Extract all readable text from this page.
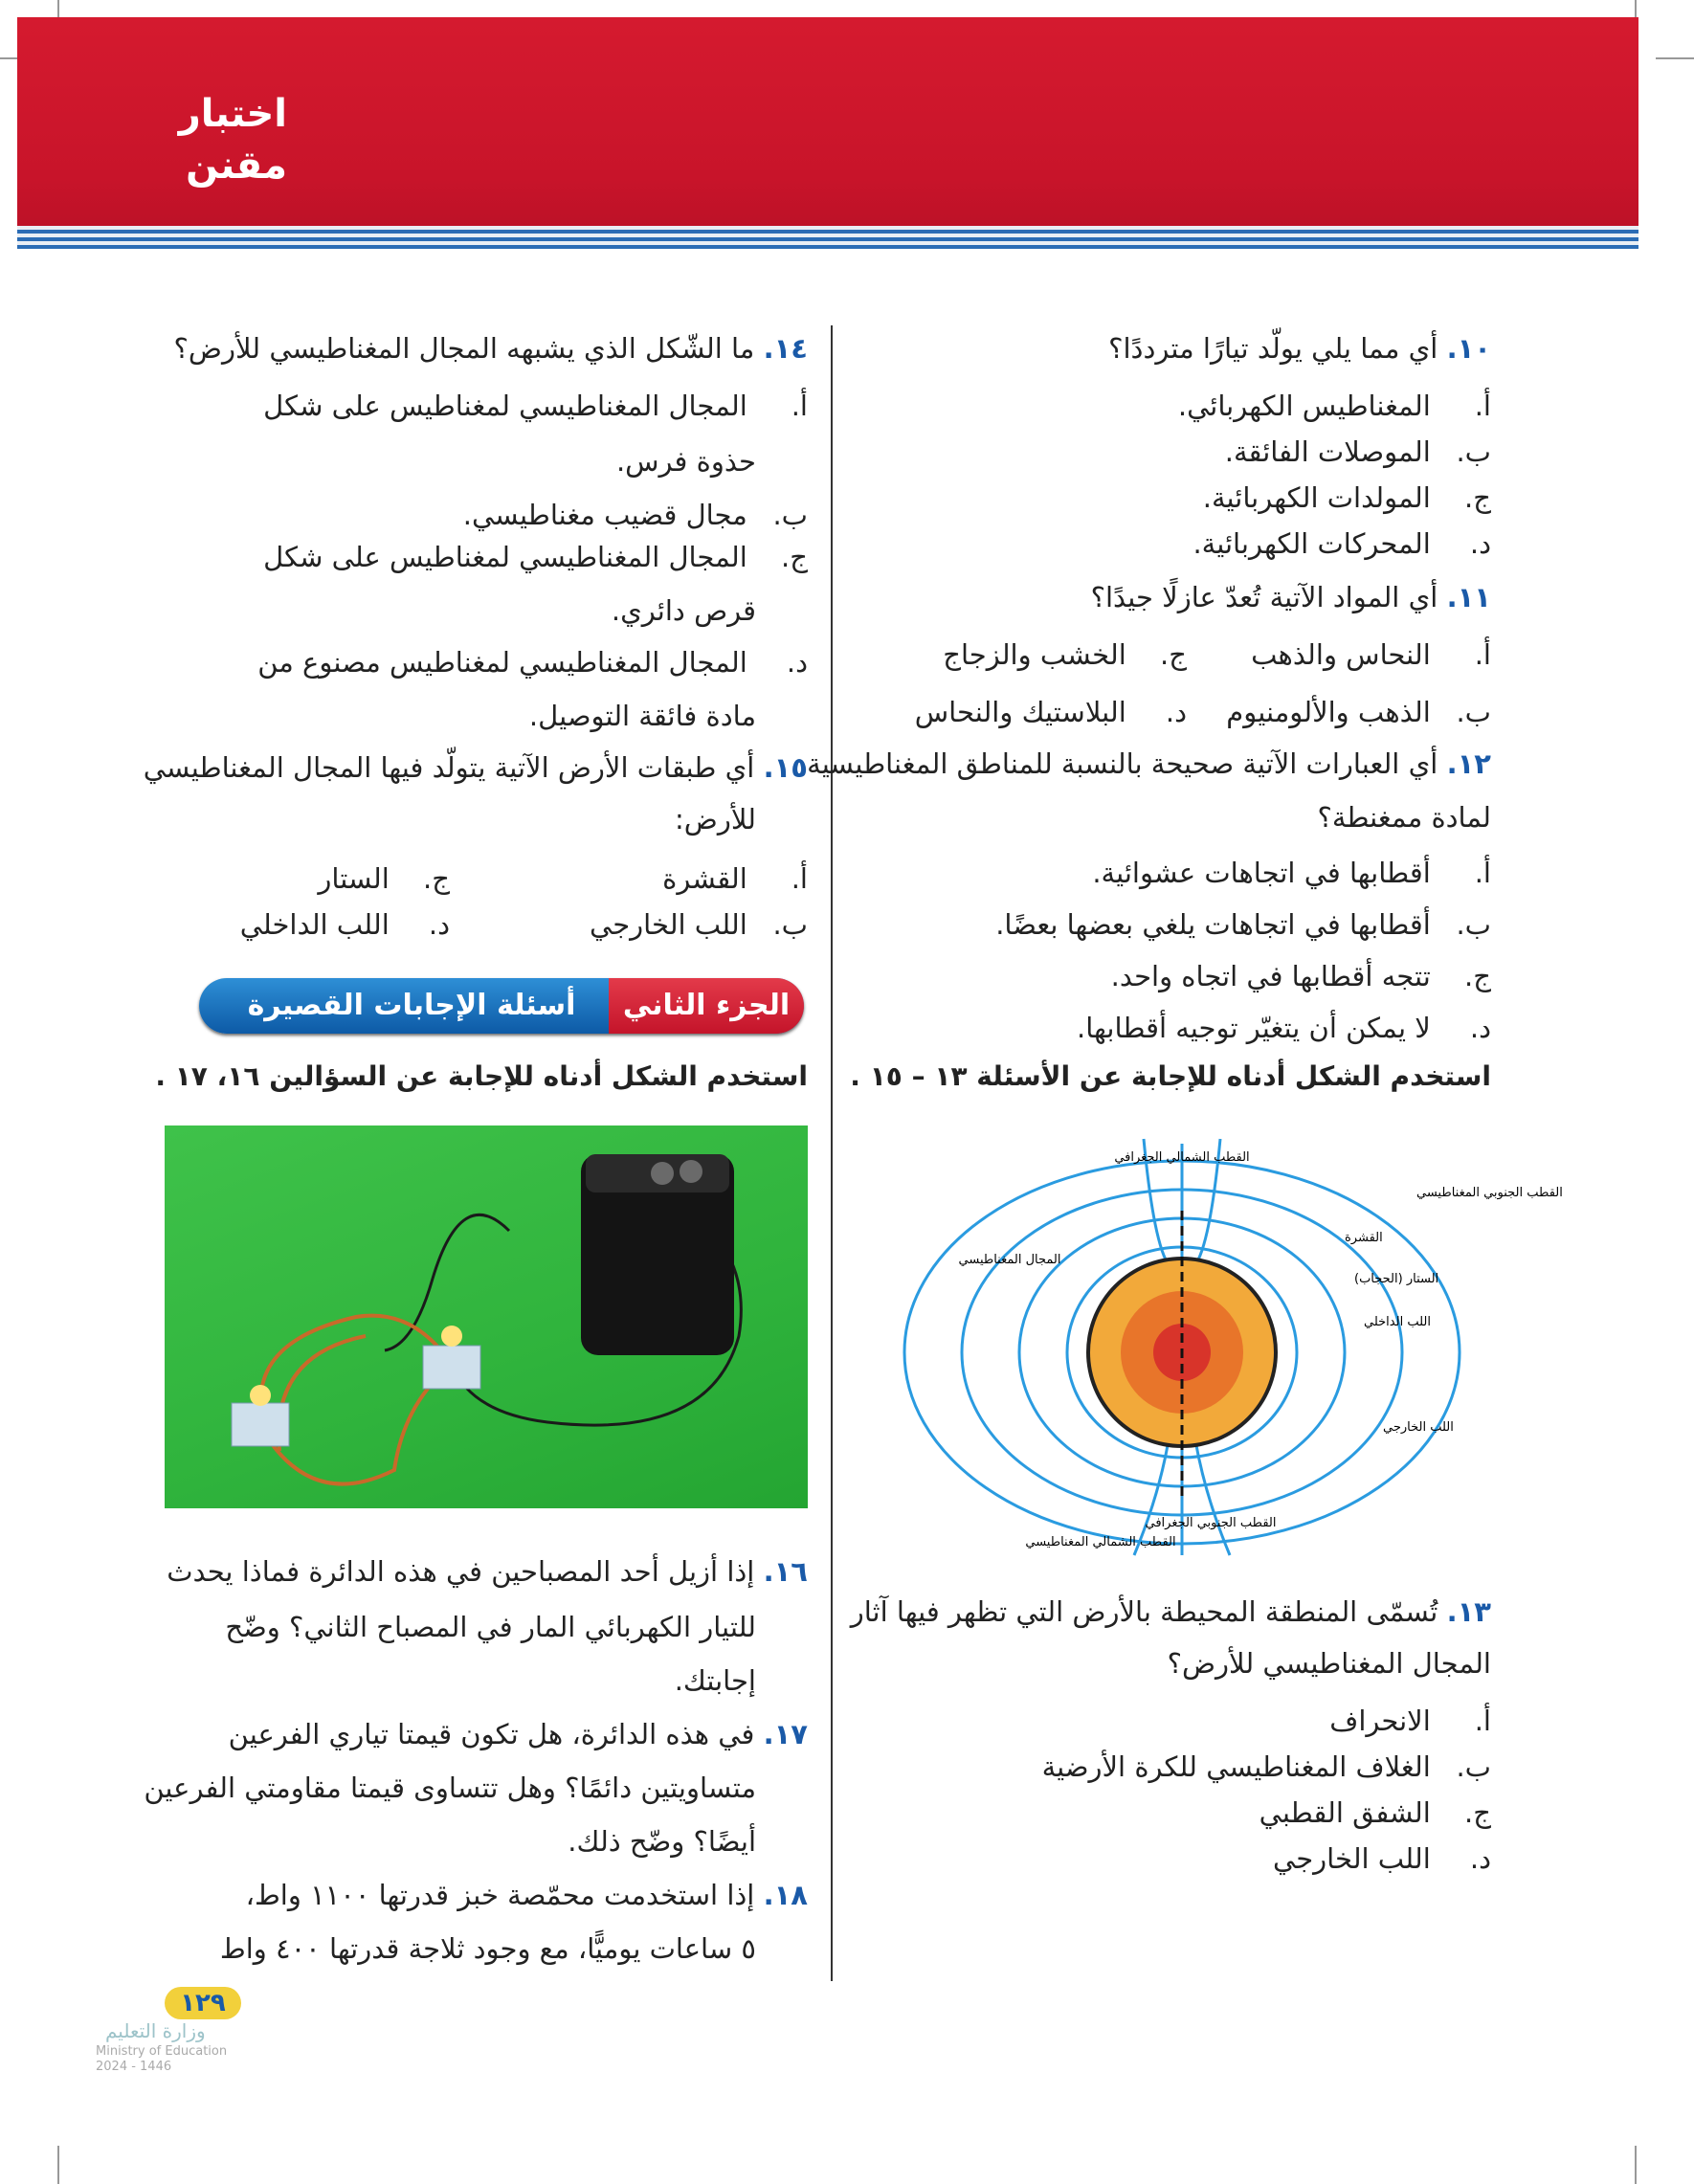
اختبار
مقنن
١٠. أي مما يلي يولّد تيارًا مترددًا؟
أ. المغناطيس الكهربائي.
ب. الموصلات الفائقة.
ج. المولدات الكهربائية.
د. المحركات الكهربائية.
١١. أي المواد الآتية تُعدّ عازلًا جيدًا؟
أ. النحاس والذهب
ج. الخشب والزجاج
ب. الذهب والألومنيوم
د. البلاستيك والنحاس
١٢. أي العبارات الآتية صحيحة بالنسبة للمناطق المغناطيسية
لمادة ممغنطة؟
أ. أقطابها في اتجاهات عشوائية.
ب. أقطابها في اتجاهات يلغي بعضها بعضًا.
ج. تتجه أقطابها في اتجاه واحد.
د. لا يمكن أن يتغيّر توجيه أقطابها.
استخدم الشكل أدناه للإجابة عن الأسئلة ١٣ – ١٥ .
القطب الشمالي الجغرافي
القطب الجنوبي المغناطيسي
القشرة
المجال المغناطيسي
الستار (الحجاب)
اللب الداخلي
اللب الخارجي
القطب الجنوبي الجغرافي
القطب الشمالي المغناطيسي
١٣. تُسمّى المنطقة المحيطة بالأرض التي تظهر فيها آثار
المجال المغناطيسي للأرض؟
أ. الانحراف
ب. الغلاف المغناطيسي للكرة الأرضية
ج. الشفق القطبي
د. اللب الخارجي
١٤. ما الشّكل الذي يشبهه المجال المغناطيسي للأرض؟
أ. المجال المغناطيسي لمغناطيس على شكل
حذوة فرس.
ب. مجال قضيب مغناطيسي.
ج. المجال المغناطيسي لمغناطيس على شكل
قرص دائري.
د. المجال المغناطيسي لمغناطيس مصنوع من
مادة فائقة التوصيل.
١٥. أي طبقات الأرض الآتية يتولّد فيها المجال المغناطيسي
للأرض:
أ. القشرة
ج. الستار
ب. اللب الخارجي
د. اللب الداخلي
الجزء الثاني
أسئلة الإجابات القصيرة
استخدم الشكل أدناه للإجابة عن السؤالين ١٦، ١٧ .
١٦. إذا أزيل أحد المصباحين في هذه الدائرة فماذا يحدث
للتيار الكهربائي المار في المصباح الثاني؟ وضّح
إجابتك.
١٧. في هذه الدائرة، هل تكون قيمتا تياري الفرعين
متساويتين دائمًا؟ وهل تتساوى قيمتا مقاومتي الفرعين
أيضًا؟ وضّح ذلك.
١٨. إذا استخدمت محمّصة خبز قدرتها ١١٠٠ واط،
٥ ساعات يوميًّا، مع وجود ثلاجة قدرتها ٤٠٠ واط
١٢٩
وزارة التعليم
Ministry of Education
2024 - 1446
